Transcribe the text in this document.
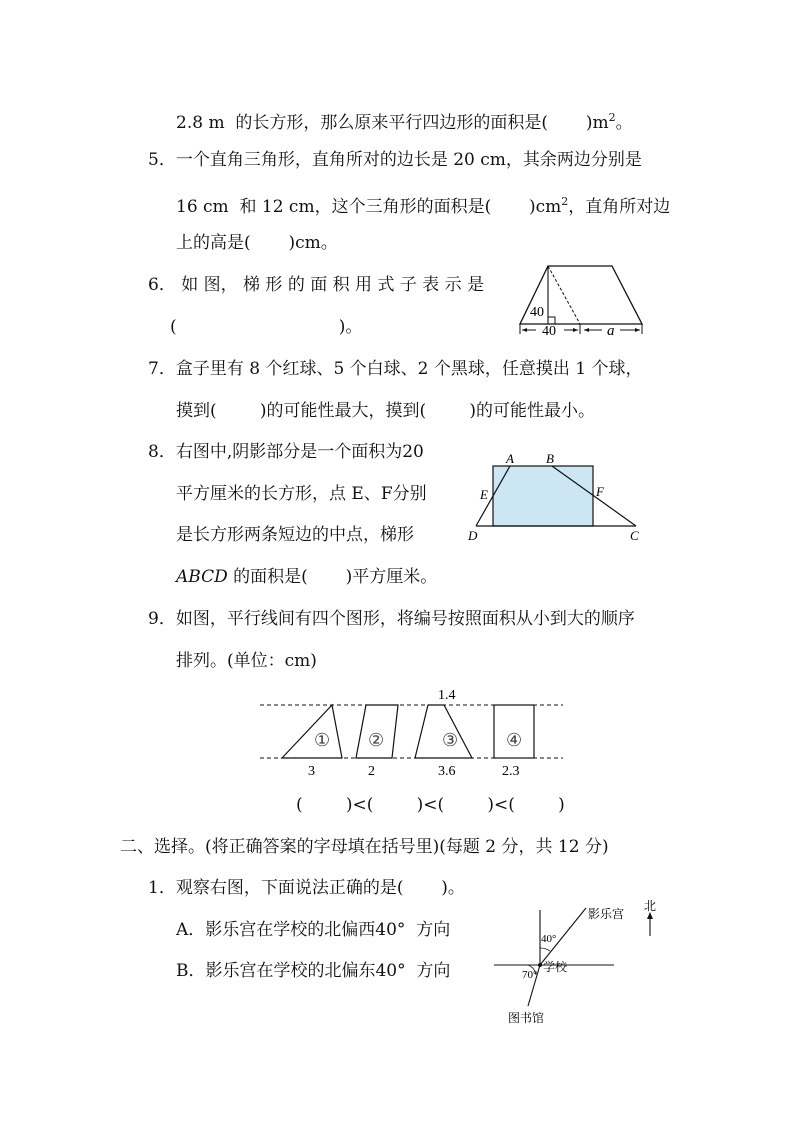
2.8 m  的长方形，那么原来平行四边形的面积是(       )$m^2$。
5．一个直角三角形，直角所对的边长是 20 cm，其余两边分别是
16 cm  和 12 cm，这个三角形的面积是(       )$cm^2$，直角所对边
上的高是(       )cm。
6． 如 图， 梯 形 的 面 积 用 式 子 表 示 是
(                              )。
40
40	a
7．盒子里有 8 个红球、5 个白球、2 个黑球，任意摸出 1 个球，
摸到(        )的可能性最大，摸到(        )的可能性最小。
8．右图中,阴影部分是一个面积为20
平方厘米的长方形，点 E、F分别
是长方形两条短边的中点，梯形
ABCD 的面积是(       )平方厘米。
A B
C
D
E	F
9．如图，平行线间有四个图形，将编号按照面积从小到大的顺序
排列。(单位：cm)
1.4
① ②	③	④
3	2	3.6	2.3
(        )<(        )<(        )<(        )
二、选择。(将正确答案的字母填在括号里)(每题 2 分，共 12 分)
1．观察右图，下面说法正确的是(       )。
A．影乐宫在学校的北偏西40°  方向
B．影乐宫在学校的北偏东40°  方向
影乐宫
学校
图书馆
40°
70°
北
